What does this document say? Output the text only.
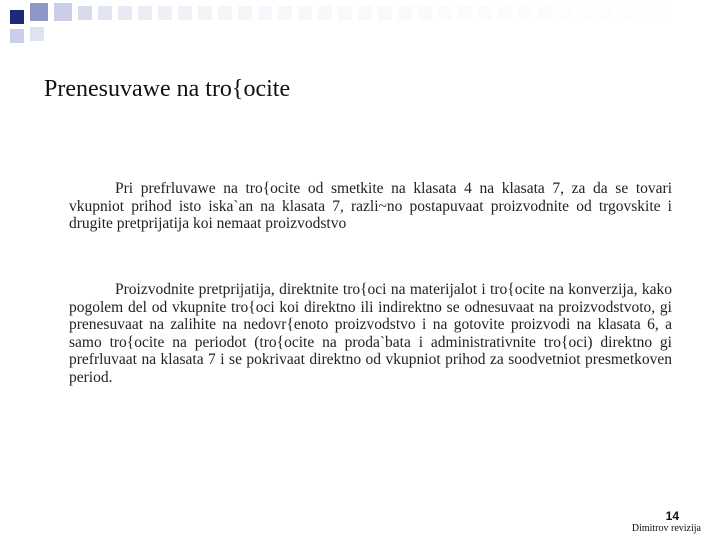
Prenesuvawe na tro{ocite

Pri prefrluvawe na tro{ocite od smetkite na klasata 4 na klasata 7, za da se tovari vkupniot prihod isto iska`an na klasata 7, razli~no postapuvaat proizvodnite od trgovskite i drugite pretprijatija koi nemaat proizvodstvo

Proizvodnite pretprijatija, direktnite tro{oci na materijalot i tro{ocite na konverzija, kako pogolem del od vkupnite tro{oci koi direktno ili indirektno se odnesuvaat na proizvodstvoto, gi prenesuvaat na zalihite na nedovr{enoto proizvodstvo i na gotovite proizvodi na klasata 6, a samo tro{ocite na periodot (tro{ocite na proda`bata i administrativnite tro{oci) direktno gi prefrluvaat na klasata 7 i se pokrivaat direktno od vkupniot prihod za soodvetniot presmetkoven period.

14
Dimitrov revizija
